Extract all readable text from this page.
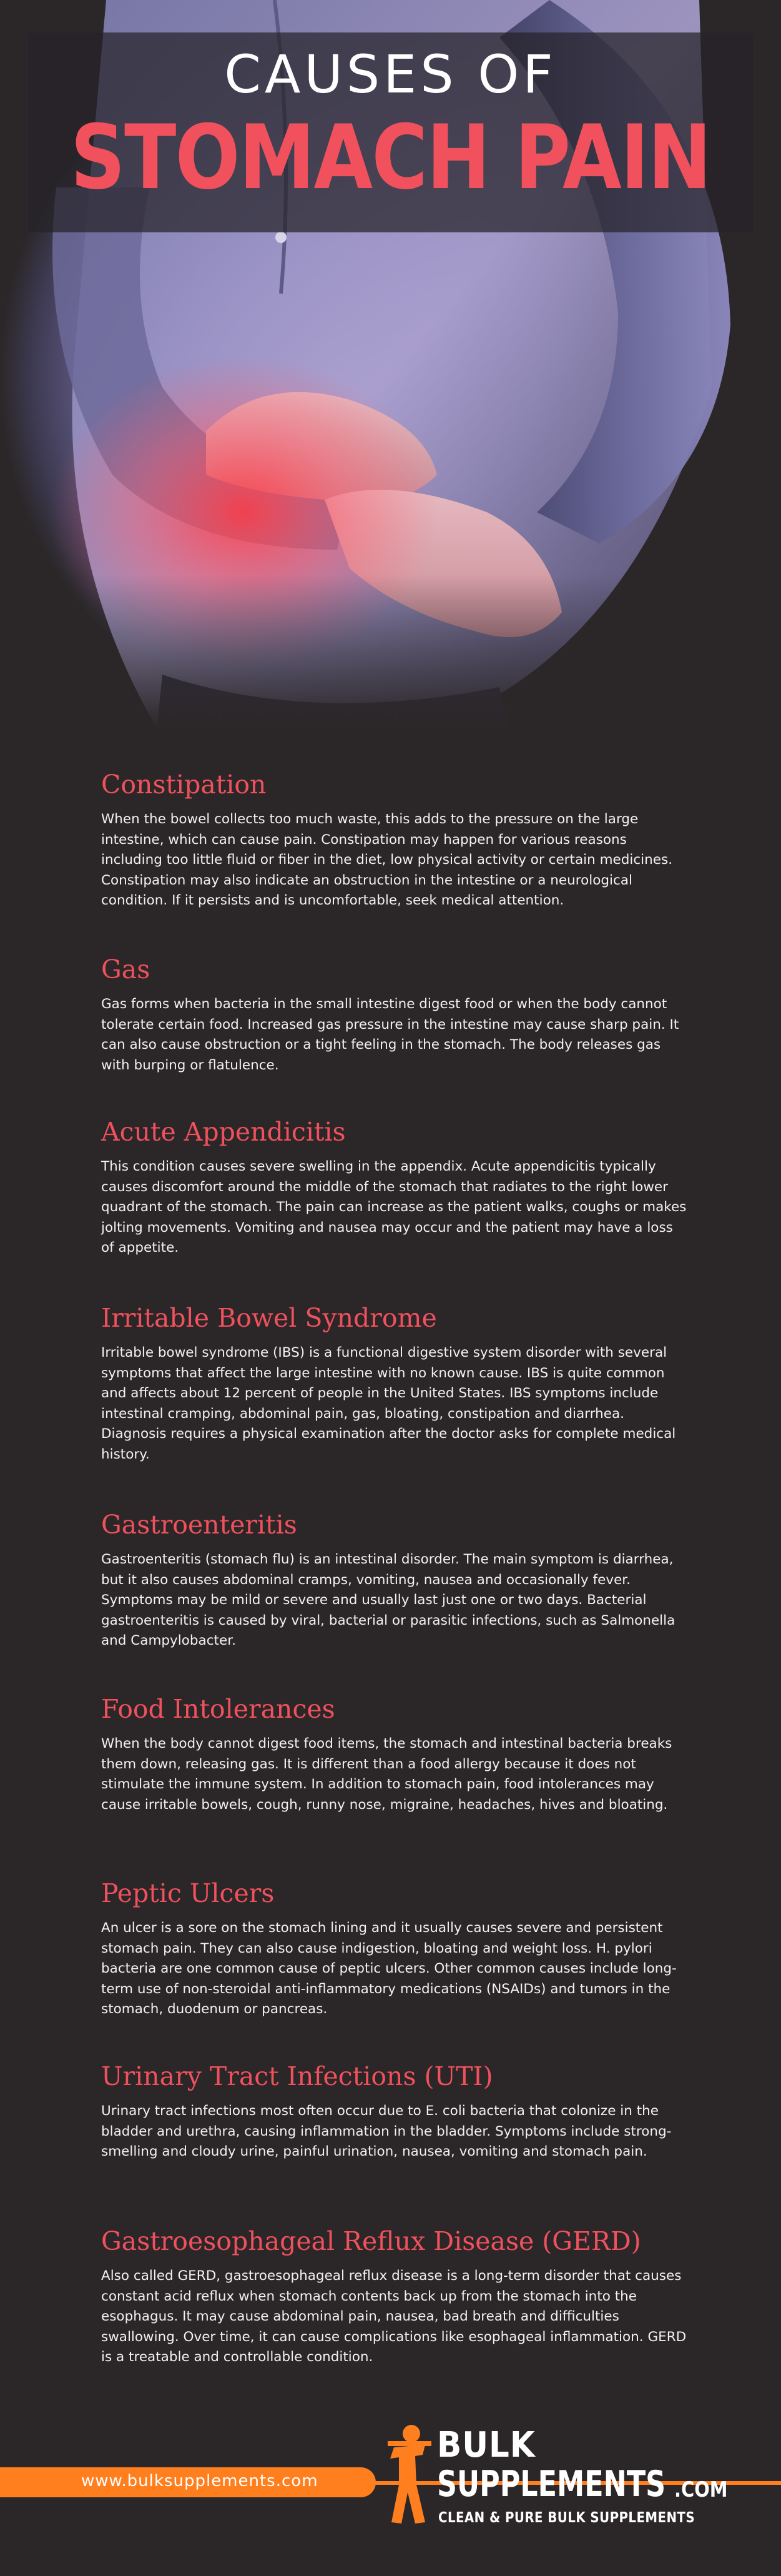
CAUSES OF
STOMACH PAIN
Constipation

When the bowel collects too much waste, this adds to the pressure on the large intestine, which can cause pain. Constipation may happen for various reasons including too little fluid or fiber in the diet, low physical activity or certain medicines. Constipation may also indicate an obstruction in the intestine or a neurological condition. If it persists and is uncomfortable, seek medical attention.

Gas

Gas forms when bacteria in the small intestine digest food or when the body cannot tolerate certain food. Increased gas pressure in the intestine may cause sharp pain. It can also cause obstruction or a tight feeling in the stomach. The body releases gas with burping or flatulence.

Acute Appendicitis

This condition causes severe swelling in the appendix. Acute appendicitis typically causes discomfort around the middle of the stomach that radiates to the right lower quadrant of the stomach. The pain can increase as the patient walks, coughs or makes jolting movements. Vomiting and nausea may occur and the patient may have a loss of appetite.

Irritable Bowel Syndrome

Irritable bowel syndrome (IBS) is a functional digestive system disorder with several symptoms that affect the large intestine with no known cause. IBS is quite common and affects about 12 percent of people in the United States. IBS symptoms include intestinal cramping, abdominal pain, gas, bloating, constipation and diarrhea. Diagnosis requires a physical examination after the doctor asks for complete medical history.

Gastroenteritis

Gastroenteritis (stomach flu) is an intestinal disorder. The main symptom is diarrhea, but it also causes abdominal cramps, vomiting, nausea and occasionally fever. Symptoms may be mild or severe and usually last just one or two days. Bacterial gastroenteritis is caused by viral, bacterial or parasitic infections, such as Salmonella and Campylobacter.

Food Intolerances

When the body cannot digest food items, the stomach and intestinal bacteria breaks them down, releasing gas. It is different than a food allergy because it does not stimulate the immune system. In addition to stomach pain, food intolerances may cause irritable bowels, cough, runny nose, migraine, headaches, hives and bloating.

Peptic Ulcers

An ulcer is a sore on the stomach lining and it usually causes severe and persistent stomach pain. They can also cause indigestion, bloating and weight loss. H. pylori bacteria are one common cause of peptic ulcers. Other common causes include long-term use of non-steroidal anti-inflammatory medications (NSAIDs) and tumors in the stomach, duodenum or pancreas.

Urinary Tract Infections (UTI)

Urinary tract infections most often occur due to E. coli bacteria that colonize in the bladder and urethra, causing inflammation in the bladder. Symptoms include strong-smelling and cloudy urine, painful urination, nausea, vomiting and stomach pain.

Gastroesophageal Reflux Disease (GERD)

Also called GERD, gastroesophageal reflux disease is a long-term disorder that causes constant acid reflux when stomach contents back up from the stomach into the esophagus. It may cause abdominal pain, nausea, bad breath and difficulties swallowing. Over time, it can cause complications like esophageal inflammation. GERD is a treatable and controllable condition.

www.bulksupplements.com
BULK
SUPPLEMENTS .COM
CLEAN & PURE BULK SUPPLEMENTS
